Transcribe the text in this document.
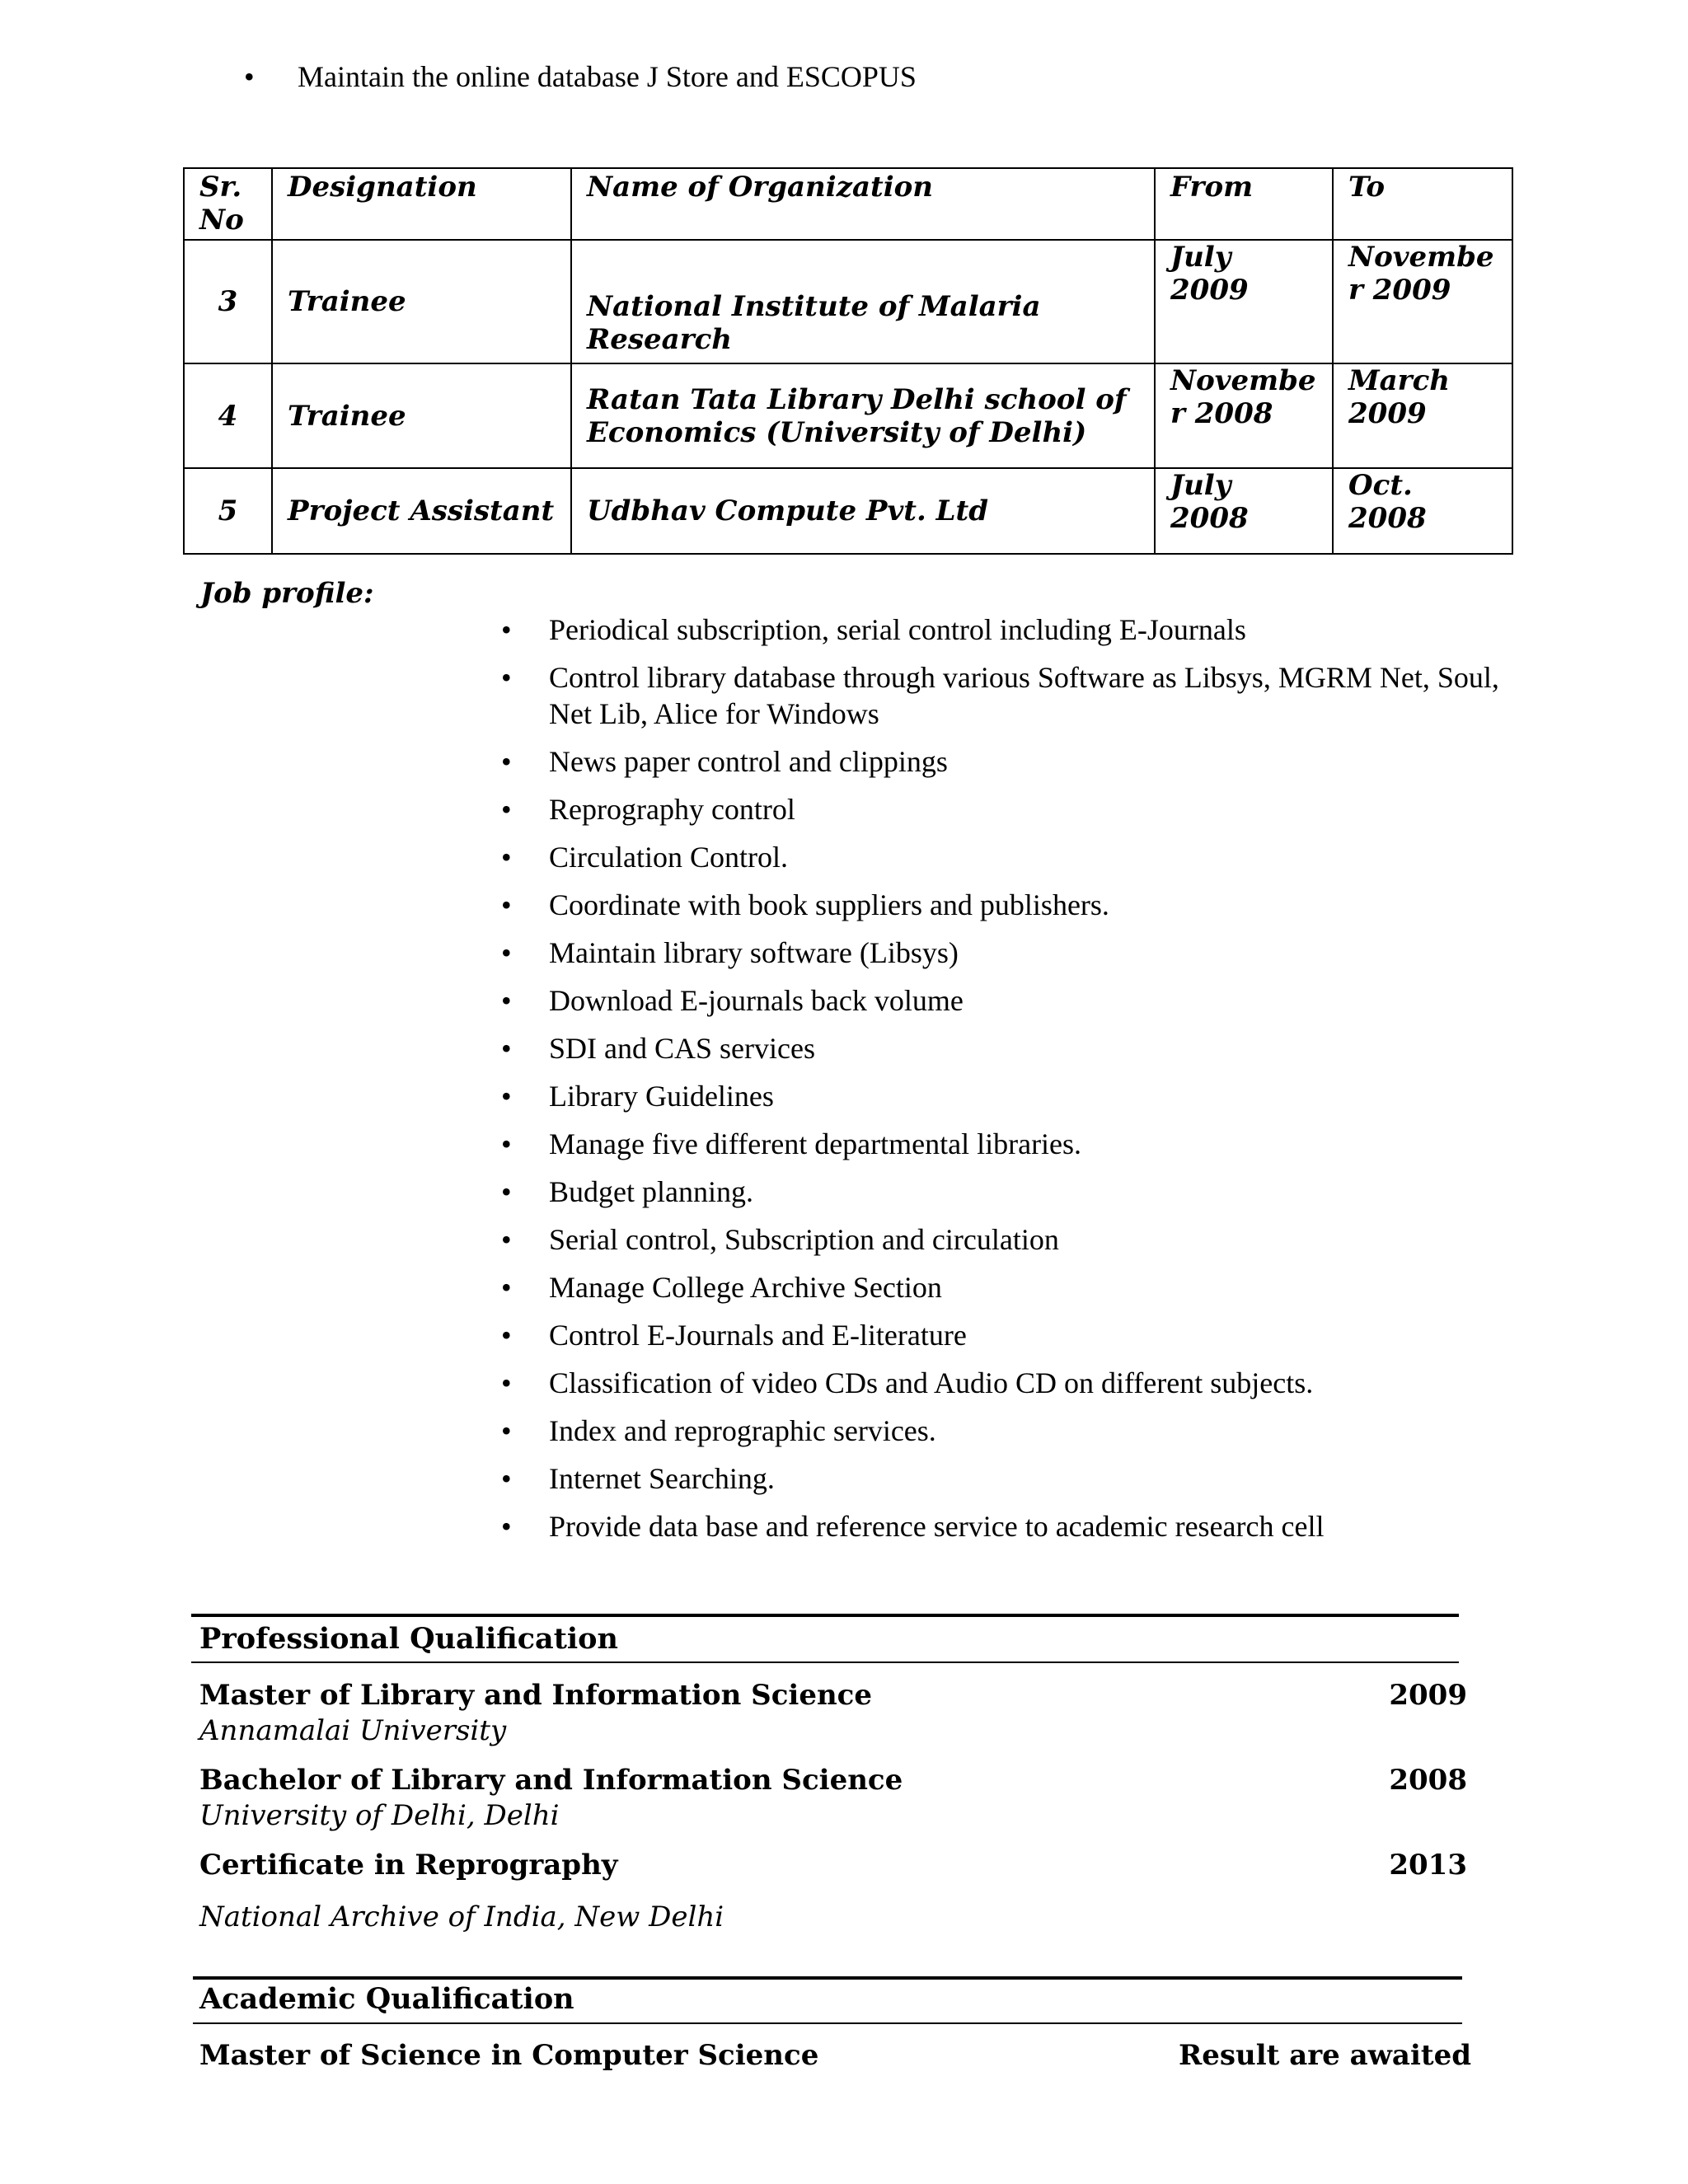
• Maintain the online database J Store and ESCOPUS
Sr. No	Designation	Name of Organization	From	To
3	Trainee	National Institute of Malaria Research	July 2009	Novembe r 2009
4	Trainee	Ratan Tata Library Delhi school of Economics (University of Delhi)	Novembe r 2008	March 2009
5	Project Assistant	Udbhav Compute Pvt. Ltd	July 2008	Oct. 2008
Job profile:
• Periodical subscription, serial control including E-Journals
• Control library database through various Software as Libsys, MGRM Net, Soul, Net Lib, Alice for Windows
• News paper control and clippings
• Reprography control
• Circulation Control.
• Coordinate with book suppliers and publishers.
• Maintain library software (Libsys)
• Download E-journals back volume
• SDI and CAS services
• Library Guidelines
• Manage five different departmental libraries.
• Budget planning.
• Serial control, Subscription and circulation
• Manage College Archive Section
• Control E-Journals and E-literature
• Classification of video CDs and Audio CD on different subjects.
• Index and reprographic services.
• Internet Searching.
• Provide data base and reference service to academic research cell
Professional Qualification
Master of Library and Information Science	2009
Annamalai University
Bachelor of Library and Information Science	2008
University of Delhi, Delhi
Certificate in Reprography	2013
National Archive of India, New Delhi
Academic Qualification
Master of Science in Computer Science	Result are awaited
